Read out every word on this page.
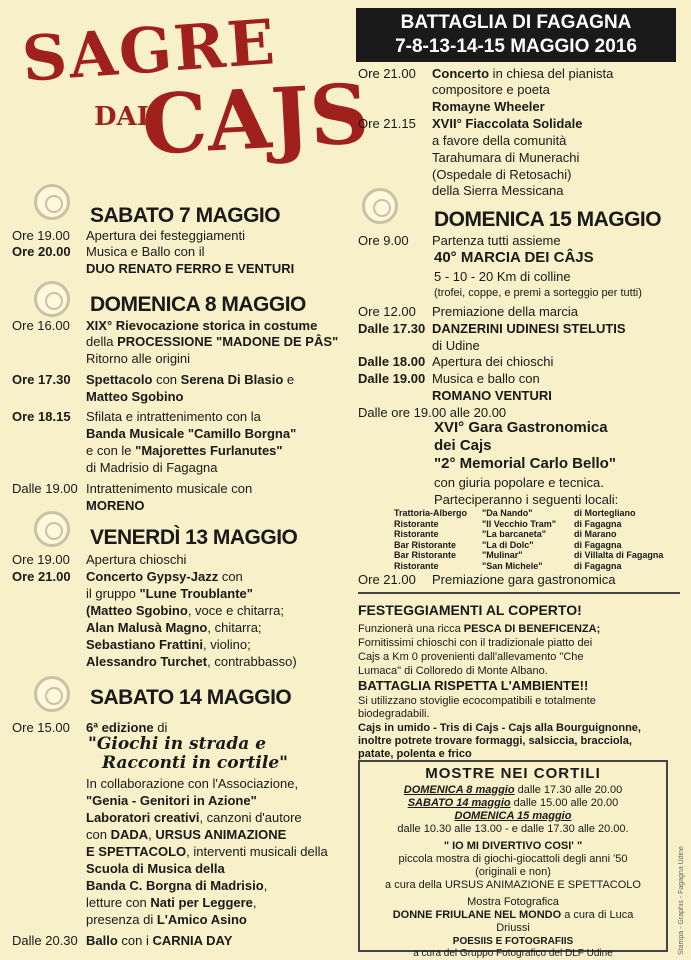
SAGRE
DAI
CAJS
BATTAGLIA DI FAGAGNA
7-8-13-14-15 MAGGIO 2016
SABATO 7 MAGGIO
Ore 19.00 Apertura dei festeggiamenti
Ore 20.00 Musica e Ballo con il
DUO RENATO FERRO E VENTURI
DOMENICA 8 MAGGIO
Ore 16.00 XIX° Rievocazione storica in costume
della PROCESSIONE "MADONE DE PÂS"
Ritorno alle origini
Ore 17.30 Spettacolo con Serena Di Blasio e
Matteo Sgobino
Ore 18.15 Sfilata e intrattenimento con la
Banda Musicale "Camillo Borgna"
e con le "Majorettes Furlanutes"
di Madrisio di Fagagna
Dalle 19.00 Intrattenimento musicale con
MORENO
VENERDÌ 13 MAGGIO
Ore 19.00 Apertura chioschi
Ore 21.00 Concerto Gypsy-Jazz con
il gruppo "Lune Troublante"
(Matteo Sgobino, voce e chitarra;
Alan Malusà Magno, chitarra;
Sebastiano Frattini, violino;
Alessandro Turchet, contrabbasso)
SABATO 14 MAGGIO
Ore 15.00 6ª edizione di
"Giochi in strada e
Racconti in cortile"
In collaborazione con l'Associazione,
"Genia - Genitori in Azione"
Laboratori creativi, canzoni d'autore
con DADA, URSUS ANIMAZIONE
E SPETTACOLO, interventi musicali della
Scuola di Musica della
Banda C. Borgna di Madrisio,
letture con Nati per Leggere,
presenza di L'Amico Asino
Dalle 20.30 Ballo con i CARNIA DAY
Ore 21.00 Concerto in chiesa del pianista
compositore e poeta
Romayne Wheeler
Ore 21.15 XVII° Fiaccolata Solidale
a favore della comunità
Tarahumara di Munerachi
(Ospedale di Retosachi)
della Sierra Messicana
DOMENICA 15 MAGGIO
Ore 9.00 Partenza tutti assieme
40° MARCIA DEI CÂJS
5 - 10 - 20 Km di colline
(trofei, coppe, e premi a sorteggio per tutti)
Ore 12.00 Premiazione della marcia
Dalle 17.30 DANZERINI UDINESI STELUTIS
di Udine
Dalle 18.00 Apertura dei chioschi
Dalle 19.00 Musica e ballo con
ROMANO VENTURI
Dalle ore 19.00 alle 20.00
XVI° Gara Gastronomica
dei Cajs
"2° Memorial Carlo Bello"
con giuria popolare e tecnica.
Parteciperanno i seguenti locali:
Trattoria-Albergo "Da Nando"	di Mortegliano
Ristorante	"Il Vecchio Tram" di Fagagna
Ristorante	"La barcaneta"	di Marano
Bar Ristorante	"La di Dolc"	di Fagagna
Bar Ristorante	"Mulinar"	di Villalta di Fagagna
Ristorante	"San Michele"	di Fagagna
Ore 21.00 Premiazione gara gastronomica
FESTEGGIAMENTI AL COPERTO!
Funzionerà una ricca PESCA DI BENEFICENZA;
Fornitissimi chioschi con il tradizionale piatto dei
Cajs a Km 0 provenienti dall'allevamento "Che
Lumaca" di Colloredo di Monte Albano.
BATTAGLIA RISPETTA L'AMBIENTE!!
Si utilizzano stoviglie ecocompatibili e totalmente
biodegradabili.
Cajs in umido - Tris di Cajs - Cajs alla Bourguignonne,
inoltre potrete trovare formaggi, salsiccia, bracciola,
patate, polenta e frico
MOSTRE NEI CORTILI
DOMENICA 8 maggio dalle 17.30 alle 20.00
SABATO 14 maggio dalle 15.00 alle 20.00
DOMENICA 15 maggio
dalle 10.30 alle 13.00 - e dalle 17.30 alle 20.00.
" IO MI DIVERTIVO COSI' "
piccola mostra di giochi-giocattoli degli anni '50
(originali e non)
a cura della URSUS ANIMAZIONE E SPETTACOLO
Mostra Fotografica
DONNE FRIULANE NEL MONDO a cura di Luca
Driussi
POESIIS E FOTOGRAFIIS
a cura del Gruppo Fotografico del DLF Udine	Stampa - Graphis - Fagagna Udine
